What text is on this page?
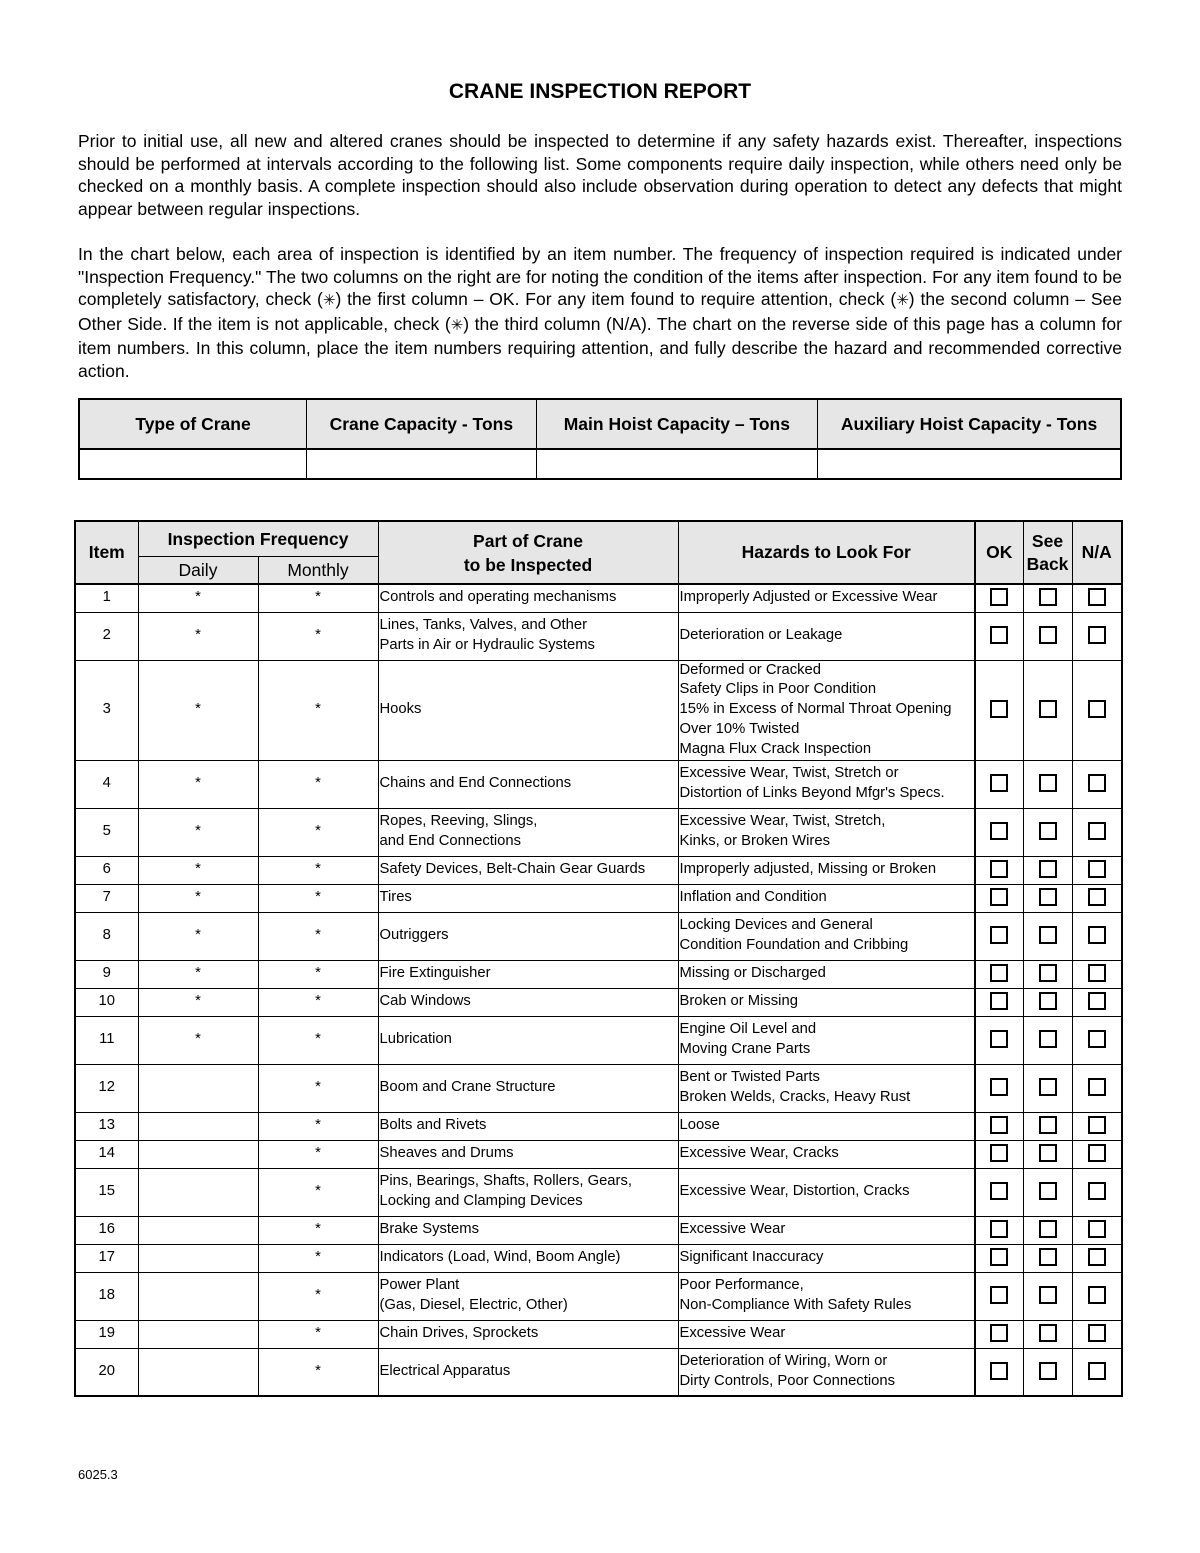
CRANE INSPECTION REPORT
Prior to initial use, all new and altered cranes should be inspected to determine if any safety hazards exist. Thereafter, inspections should be performed at intervals according to the following list. Some components require daily inspection, while others need only be checked on a monthly basis. A complete inspection should also include observation during operation to detect any defects that might appear between regular inspections.
In the chart below, each area of inspection is identified by an item number. The frequency of inspection required is indicated under "Inspection Frequency." The two columns on the right are for noting the condition of the items after inspection. For any item found to be completely satisfactory, check (✳) the first column – OK. For any item found to require attention, check (✳) the second column – See Other Side. If the item is not applicable, check (✳) the third column (N/A). The chart on the reverse side of this page has a column for item numbers. In this column, place the item numbers requiring attention, and fully describe the hazard and recommended corrective action.
Type of Crane	Crane Capacity - Tons	Main Hoist Capacity – Tons	Auxiliary Hoist Capacity - Tons

Item	Inspection Frequency		Part of Crane
to be Inspected	Hazards to Look For	OK	See Back	N/A
	Daily	Monthly					
1	*	*	Controls and operating mechanisms	Improperly Adjusted or Excessive Wear			
2	*	*	Lines, Tanks, Valves, and Other
Parts in Air or Hydraulic Systems	Deterioration or Leakage			
3	*	*	Hooks	Deformed or Cracked
Safety Clips in Poor Condition
15% in Excess of Normal Throat Opening
Over 10% Twisted
Magna Flux Crack Inspection			
4	*	*	Chains and End Connections	Excessive Wear, Twist, Stretch or
Distortion of Links Beyond Mfgr's Specs.			
5	*	*	Ropes, Reeving, Slings,
and End Connections	Excessive Wear, Twist, Stretch,
Kinks, or Broken Wires			
6	*	*	Safety Devices, Belt-Chain Gear Guards	Improperly adjusted, Missing or Broken			
7	*	*	Tires	Inflation and Condition			
8	*	*	Outriggers	Locking Devices and General
Condition Foundation and Cribbing			
9	*	*	Fire Extinguisher	Missing or Discharged			
10	*	*	Cab Windows	Broken or Missing			
11	*	*	Lubrication	Engine Oil Level and
Moving Crane Parts			
12		*	Boom and Crane Structure	Bent or Twisted Parts
Broken Welds, Cracks, Heavy Rust			
13		*	Bolts and Rivets	Loose			
14		*	Sheaves and Drums	Excessive Wear, Cracks			
15		*	Pins, Bearings, Shafts, Rollers, Gears,
Locking and Clamping Devices	Excessive Wear, Distortion, Cracks			
16		*	Brake Systems	Excessive Wear			
17		*	Indicators (Load, Wind, Boom Angle)	Significant Inaccuracy			
18		*	Power Plant
(Gas, Diesel, Electric, Other)	Poor Performance,
Non-Compliance With Safety Rules			
19		*	Chain Drives, Sprockets	Excessive Wear			
20		*	Electrical Apparatus	Deterioration of Wiring, Worn or
Dirty Controls, Poor Connections			
6025.3
